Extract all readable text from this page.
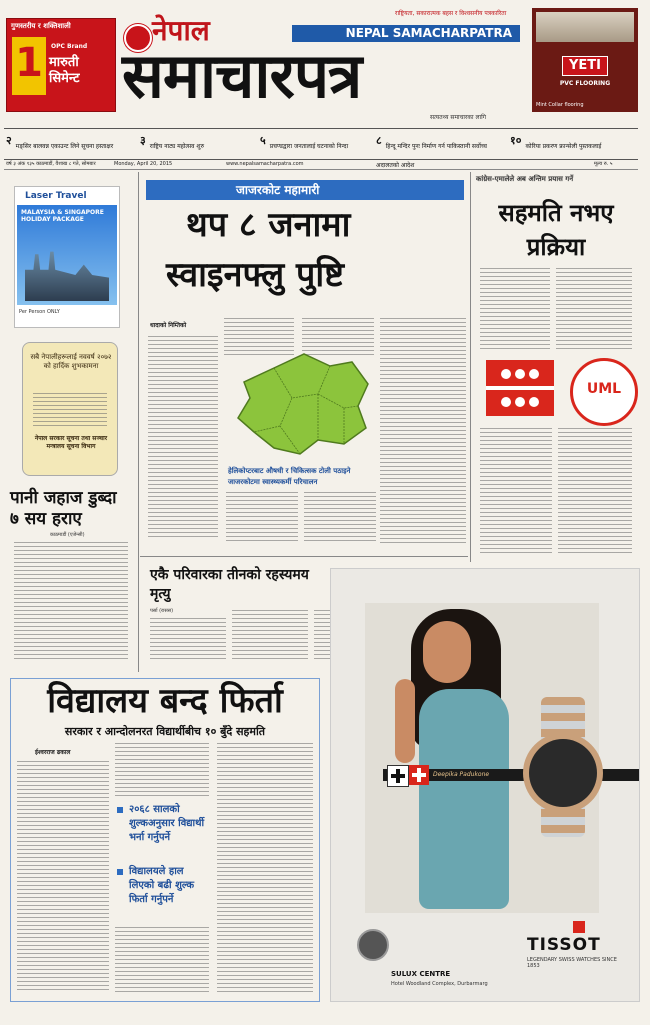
गुणस्तरीय र शक्तिशाली
1	OPC Brand
मारुती सिमेन्ट
नेपाल
राष्ट्रियता, सकारात्मक बहस र विश्वसनीय पत्रकारिता
NEPAL SAMACHARPATRA
समाचारपत्र
सत्यतथ्य समाचारका लागि
YETI
PVC FLOORING
Mint Collar flooring
२ मङ्सिर बालवन्न एकाउन्ट लिने सूचना हस्ताक्षर	३ राष्ट्रिय नाट्य महोत्सव शुरु	५ प्रचण्डद्वारा जनतालाई घटनाको निन्दा	८ हिन्दू मन्दिर पुनः निर्माण गर्न पाकिस्तानी सर्वोच्च अदालतको आदेश
१० कोरिया प्रकरण फ्रान्सेली पुस्तकलाई
वर्ष ३ अंक १३५ काठमाडौं, वैशाख ८ गते, सोमबार	Monday, April 20, 2015	www.nepalsamacharpatra.com	मूल्य रु. ५
Laser Travel
MALAYSIA & SINGAPORE HOLIDAY PACKAGE
Per Person ONLY
सबै नेपालीहरूलाई नववर्ष २०७२ को हार्दिक शुभकामना
नेपाल सरकार सूचना तथा सञ्चार मन्त्रालय सूचना विभाग
पानी जहाज डुब्दा ७ सय हराए
काठमाडौं (एजेन्सी)
जाजरकोट महामारी
थप ८ जनामा
स्वाइनफ्लु पुष्टि
धादाको निम्तिको
हेलिकोप्टरबाट औषधी र चिकित्सक टोली पठाइने
जाजरकोटमा स्वास्थ्यकर्मी परिचालन
कांग्रेस-एमालेले अब अन्तिम प्रयास गर्ने
सहमति नभए प्रक्रिया
UML
एकै परिवारका तीनको रहस्यमय मृत्यु
पर्सा (रासस)
विद्यालय बन्द फिर्ता
सरकार र आन्दोलनरत विद्यार्थीबीच १० बुँदे सहमति
ईश्वरराज ढकाल
२०६८ सालको शुल्कअनुसार विद्यार्थी भर्ना गर्नुपर्ने
विद्यालयले हाल लिएको बढी शुल्क फिर्ता गर्नुपर्ने
Deepika Padukone
TISSOT
LEGENDARY SWISS WATCHES SINCE 1853
SULUX CENTRE
Hotel Woodland Complex, Durbarmarg
